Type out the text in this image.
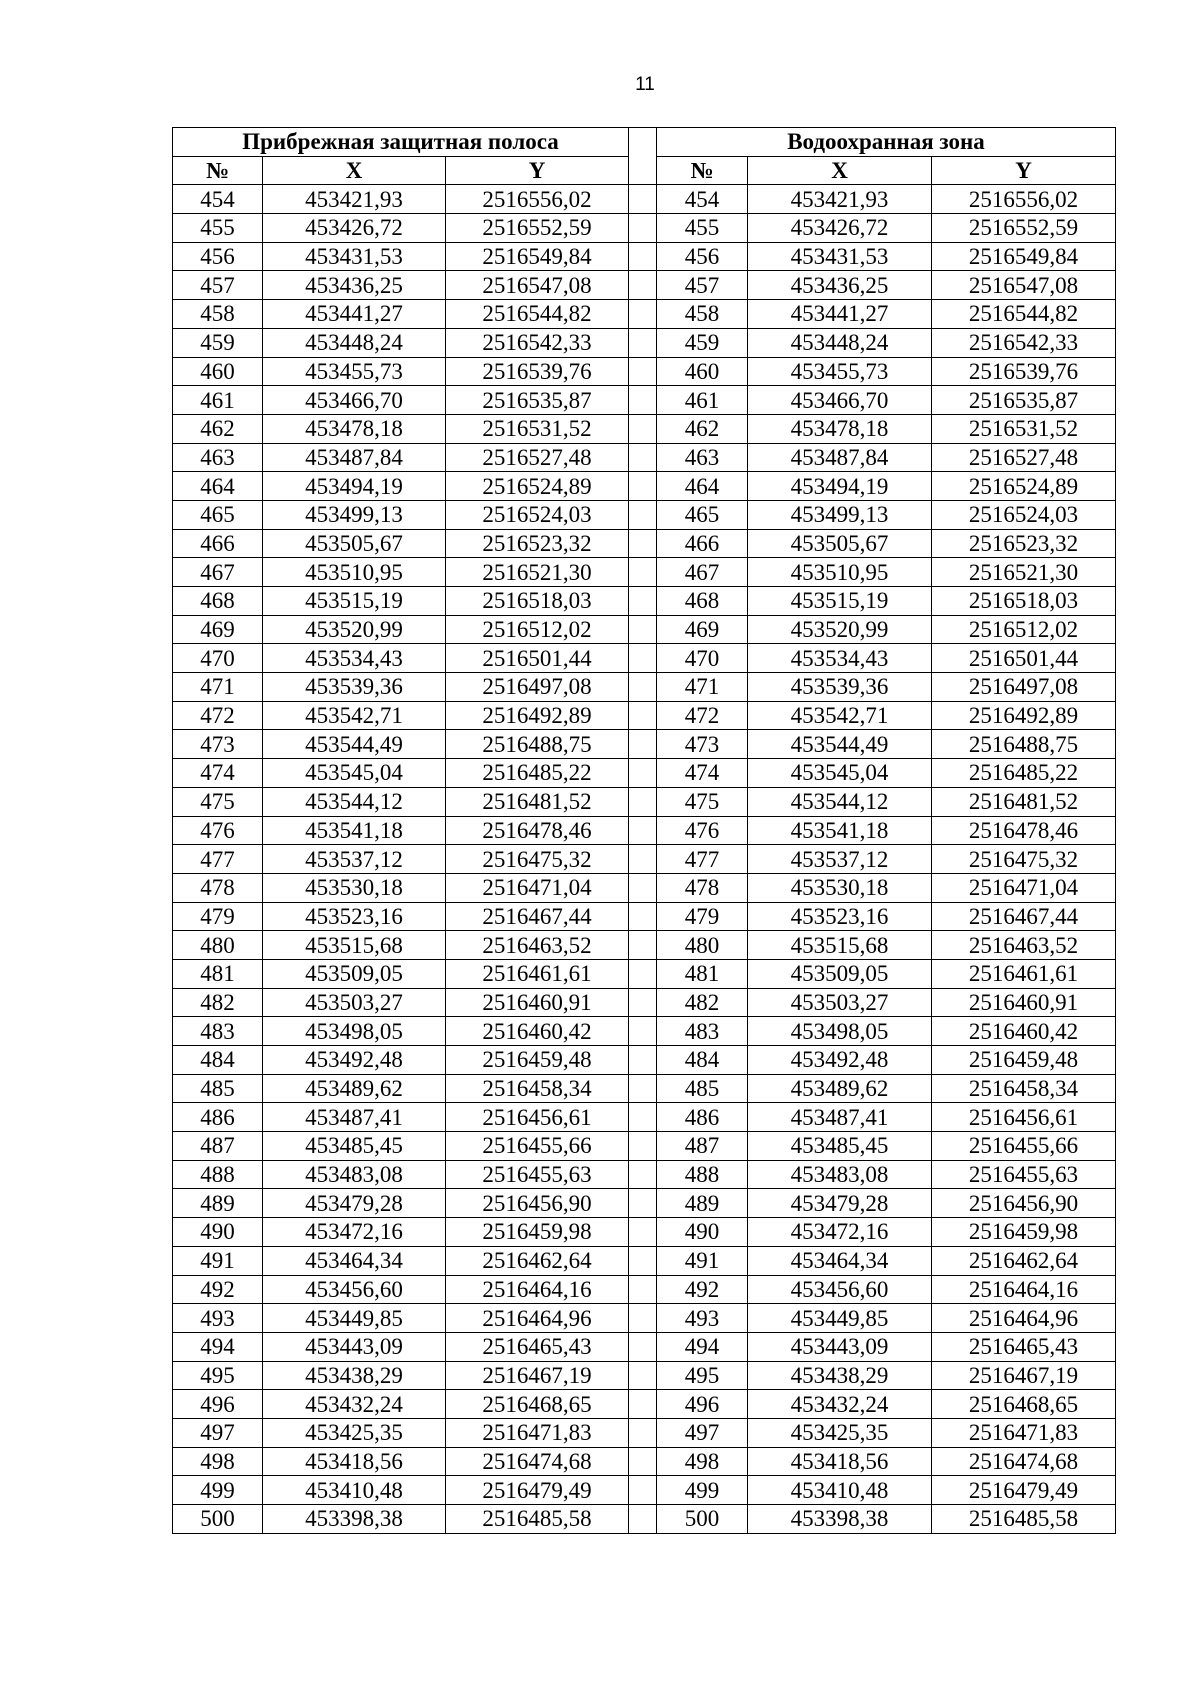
11
Прибрежная защитная полоса				Водоохранная зона		
№	X	Y		№	X	Y
454	453421,93	2516556,02		454	453421,93	2516556,02
455	453426,72	2516552,59		455	453426,72	2516552,59
456	453431,53	2516549,84		456	453431,53	2516549,84
457	453436,25	2516547,08		457	453436,25	2516547,08
458	453441,27	2516544,82		458	453441,27	2516544,82
459	453448,24	2516542,33		459	453448,24	2516542,33
460	453455,73	2516539,76		460	453455,73	2516539,76
461	453466,70	2516535,87		461	453466,70	2516535,87
462	453478,18	2516531,52		462	453478,18	2516531,52
463	453487,84	2516527,48		463	453487,84	2516527,48
464	453494,19	2516524,89		464	453494,19	2516524,89
465	453499,13	2516524,03		465	453499,13	2516524,03
466	453505,67	2516523,32		466	453505,67	2516523,32
467	453510,95	2516521,30		467	453510,95	2516521,30
468	453515,19	2516518,03		468	453515,19	2516518,03
469	453520,99	2516512,02		469	453520,99	2516512,02
470	453534,43	2516501,44		470	453534,43	2516501,44
471	453539,36	2516497,08		471	453539,36	2516497,08
472	453542,71	2516492,89		472	453542,71	2516492,89
473	453544,49	2516488,75		473	453544,49	2516488,75
474	453545,04	2516485,22		474	453545,04	2516485,22
475	453544,12	2516481,52		475	453544,12	2516481,52
476	453541,18	2516478,46		476	453541,18	2516478,46
477	453537,12	2516475,32		477	453537,12	2516475,32
478	453530,18	2516471,04		478	453530,18	2516471,04
479	453523,16	2516467,44		479	453523,16	2516467,44
480	453515,68	2516463,52		480	453515,68	2516463,52
481	453509,05	2516461,61		481	453509,05	2516461,61
482	453503,27	2516460,91		482	453503,27	2516460,91
483	453498,05	2516460,42		483	453498,05	2516460,42
484	453492,48	2516459,48		484	453492,48	2516459,48
485	453489,62	2516458,34		485	453489,62	2516458,34
486	453487,41	2516456,61		486	453487,41	2516456,61
487	453485,45	2516455,66		487	453485,45	2516455,66
488	453483,08	2516455,63		488	453483,08	2516455,63
489	453479,28	2516456,90		489	453479,28	2516456,90
490	453472,16	2516459,98		490	453472,16	2516459,98
491	453464,34	2516462,64		491	453464,34	2516462,64
492	453456,60	2516464,16		492	453456,60	2516464,16
493	453449,85	2516464,96		493	453449,85	2516464,96
494	453443,09	2516465,43		494	453443,09	2516465,43
495	453438,29	2516467,19		495	453438,29	2516467,19
496	453432,24	2516468,65		496	453432,24	2516468,65
497	453425,35	2516471,83		497	453425,35	2516471,83
498	453418,56	2516474,68		498	453418,56	2516474,68
499	453410,48	2516479,49		499	453410,48	2516479,49
500	453398,38	2516485,58		500	453398,38	2516485,58
